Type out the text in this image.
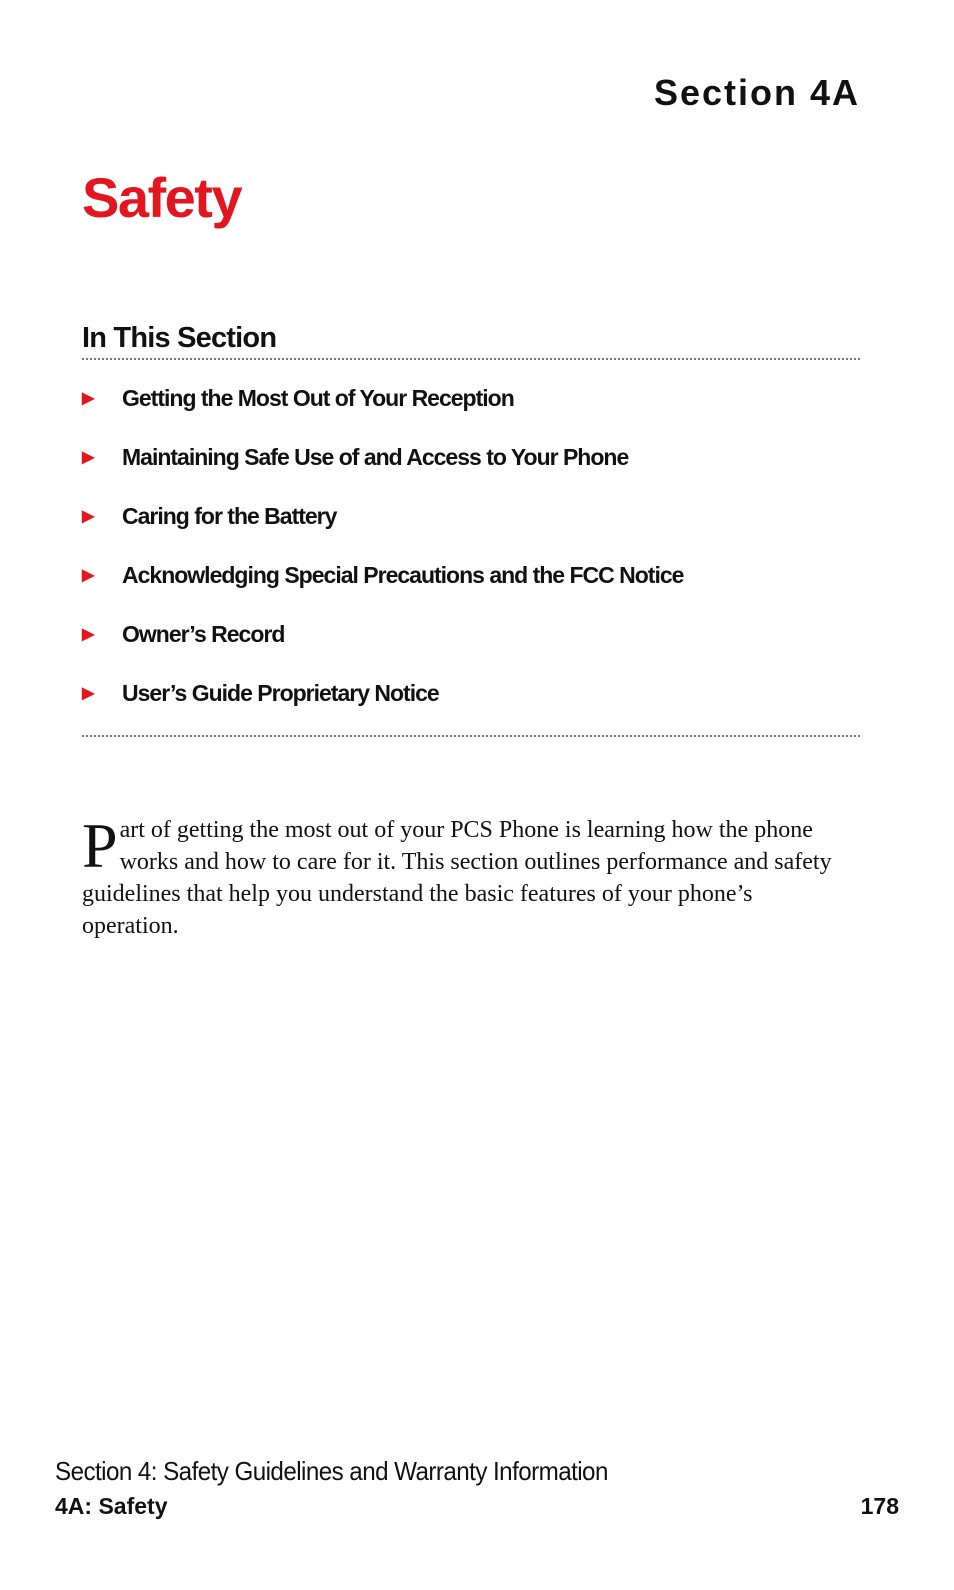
Section 4A
Safety
In This Section
▶ Getting the Most Out of Your Reception
▶ Maintaining Safe Use of and Access to Your Phone
▶ Caring for the Battery
▶ Acknowledging Special Precautions and the FCC Notice
▶ Owner’s Record
▶ User’s Guide Proprietary Notice

Part of getting the most out of your PCS Phone is learning how the phone works and how to care for it. This section outlines performance and safety guidelines that help you understand the basic features of your phone’s operation.

Section 4: Safety Guidelines and Warranty Information
4A: Safety	178
